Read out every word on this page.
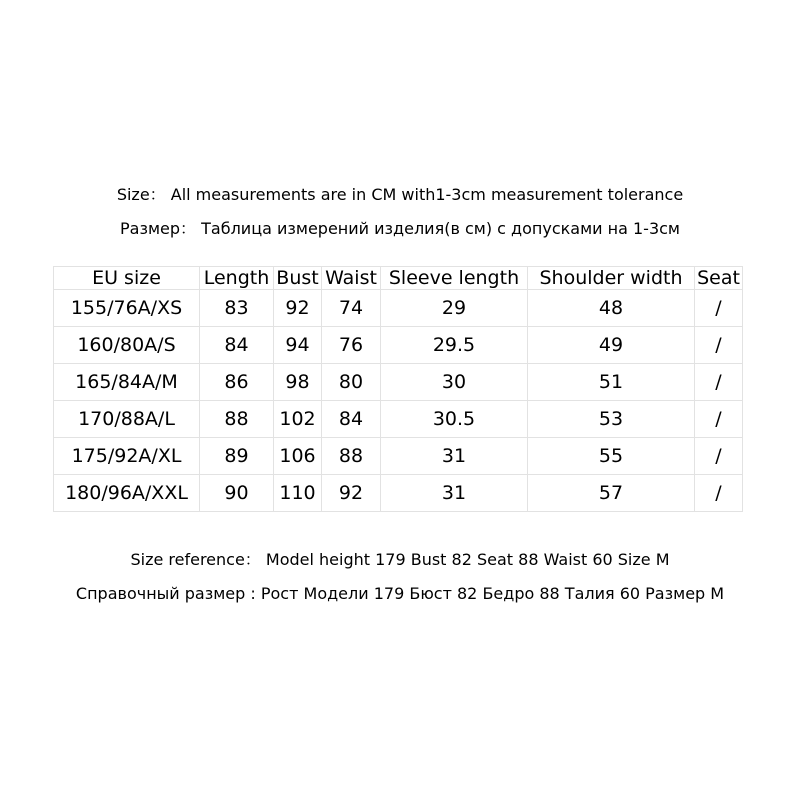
Size： All measurements are in CM with1-3cm measurement tolerance
Размер： Таблица измерений изделия(в см) с допусками на 1-3см
EU size	Length	Bust	Waist	Sleeve length	Shoulder width	Seat
155/76A/XS	83	92	74	29	48	/
160/80A/S	84	94	76	29.5	49	/
165/84A/M	86	98	80	30	51	/
170/88A/L	88	102	84	30.5	53	/
175/92A/XL	89	106	88	31	55	/
180/96A/XXL	90	110	92	31	57	/
Size reference： Model height 179 Bust 82 Seat 88 Waist 60 Size M
Справочный размер : Рост Модели 179 Бюст 82 Бедро 88 Талия 60 Размер M
